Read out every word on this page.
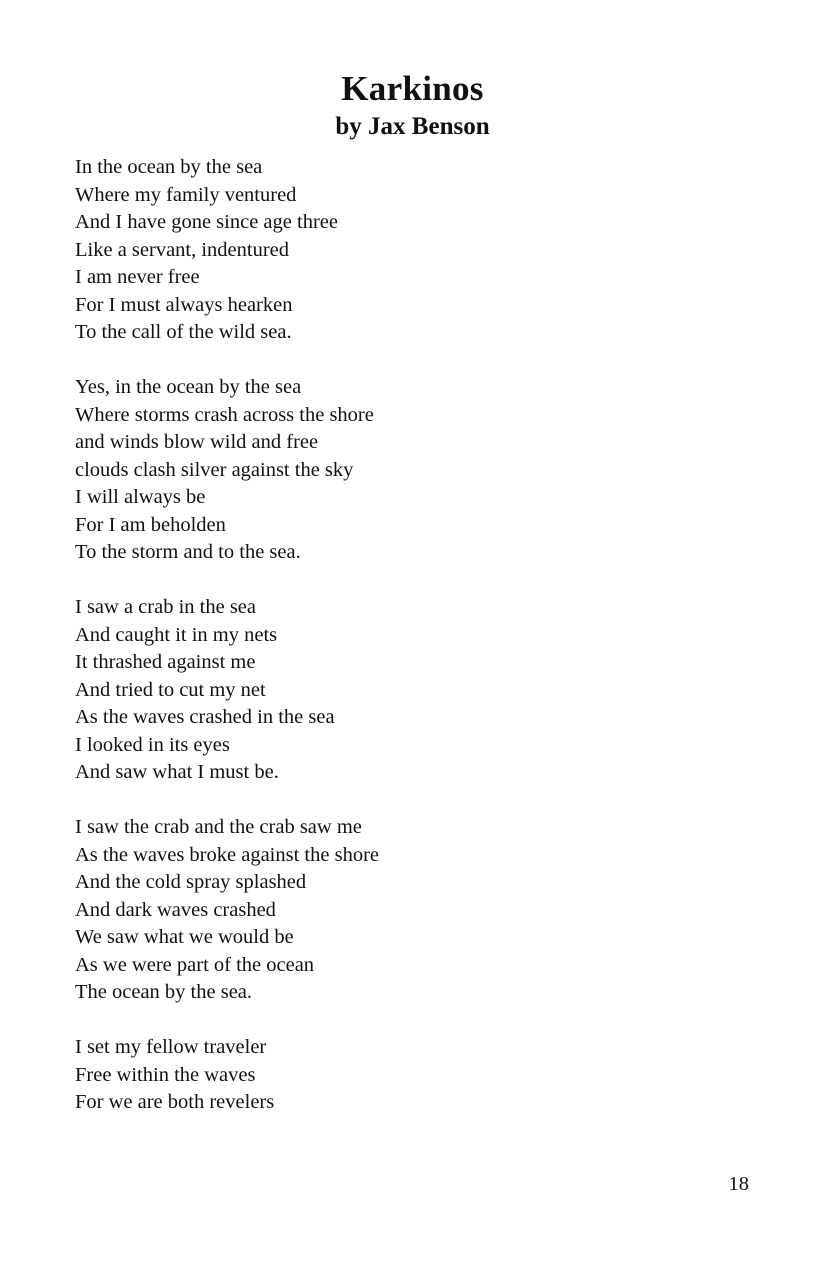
Karkinos
by Jax Benson
In the ocean by the sea
Where my family ventured
And I have gone since age three
Like a servant, indentured
I am never free
For I must always hearken
To the call of the wild sea.
Yes, in the ocean by the sea
Where storms crash across the shore
and winds blow wild and free
clouds clash silver against the sky
I will always be
For I am beholden
To the storm and to the sea.
I saw a crab in the sea
And caught it in my nets
It thrashed against me
And tried to cut my net
As the waves crashed in the sea
I looked in its eyes
And saw what I must be.
I saw the crab and the crab saw me
As the waves broke against the shore
And the cold spray splashed
And dark waves crashed
We saw what we would be
As we were part of the ocean
The ocean by the sea.
I set my fellow traveler
Free within the waves
For we are both revelers
18
